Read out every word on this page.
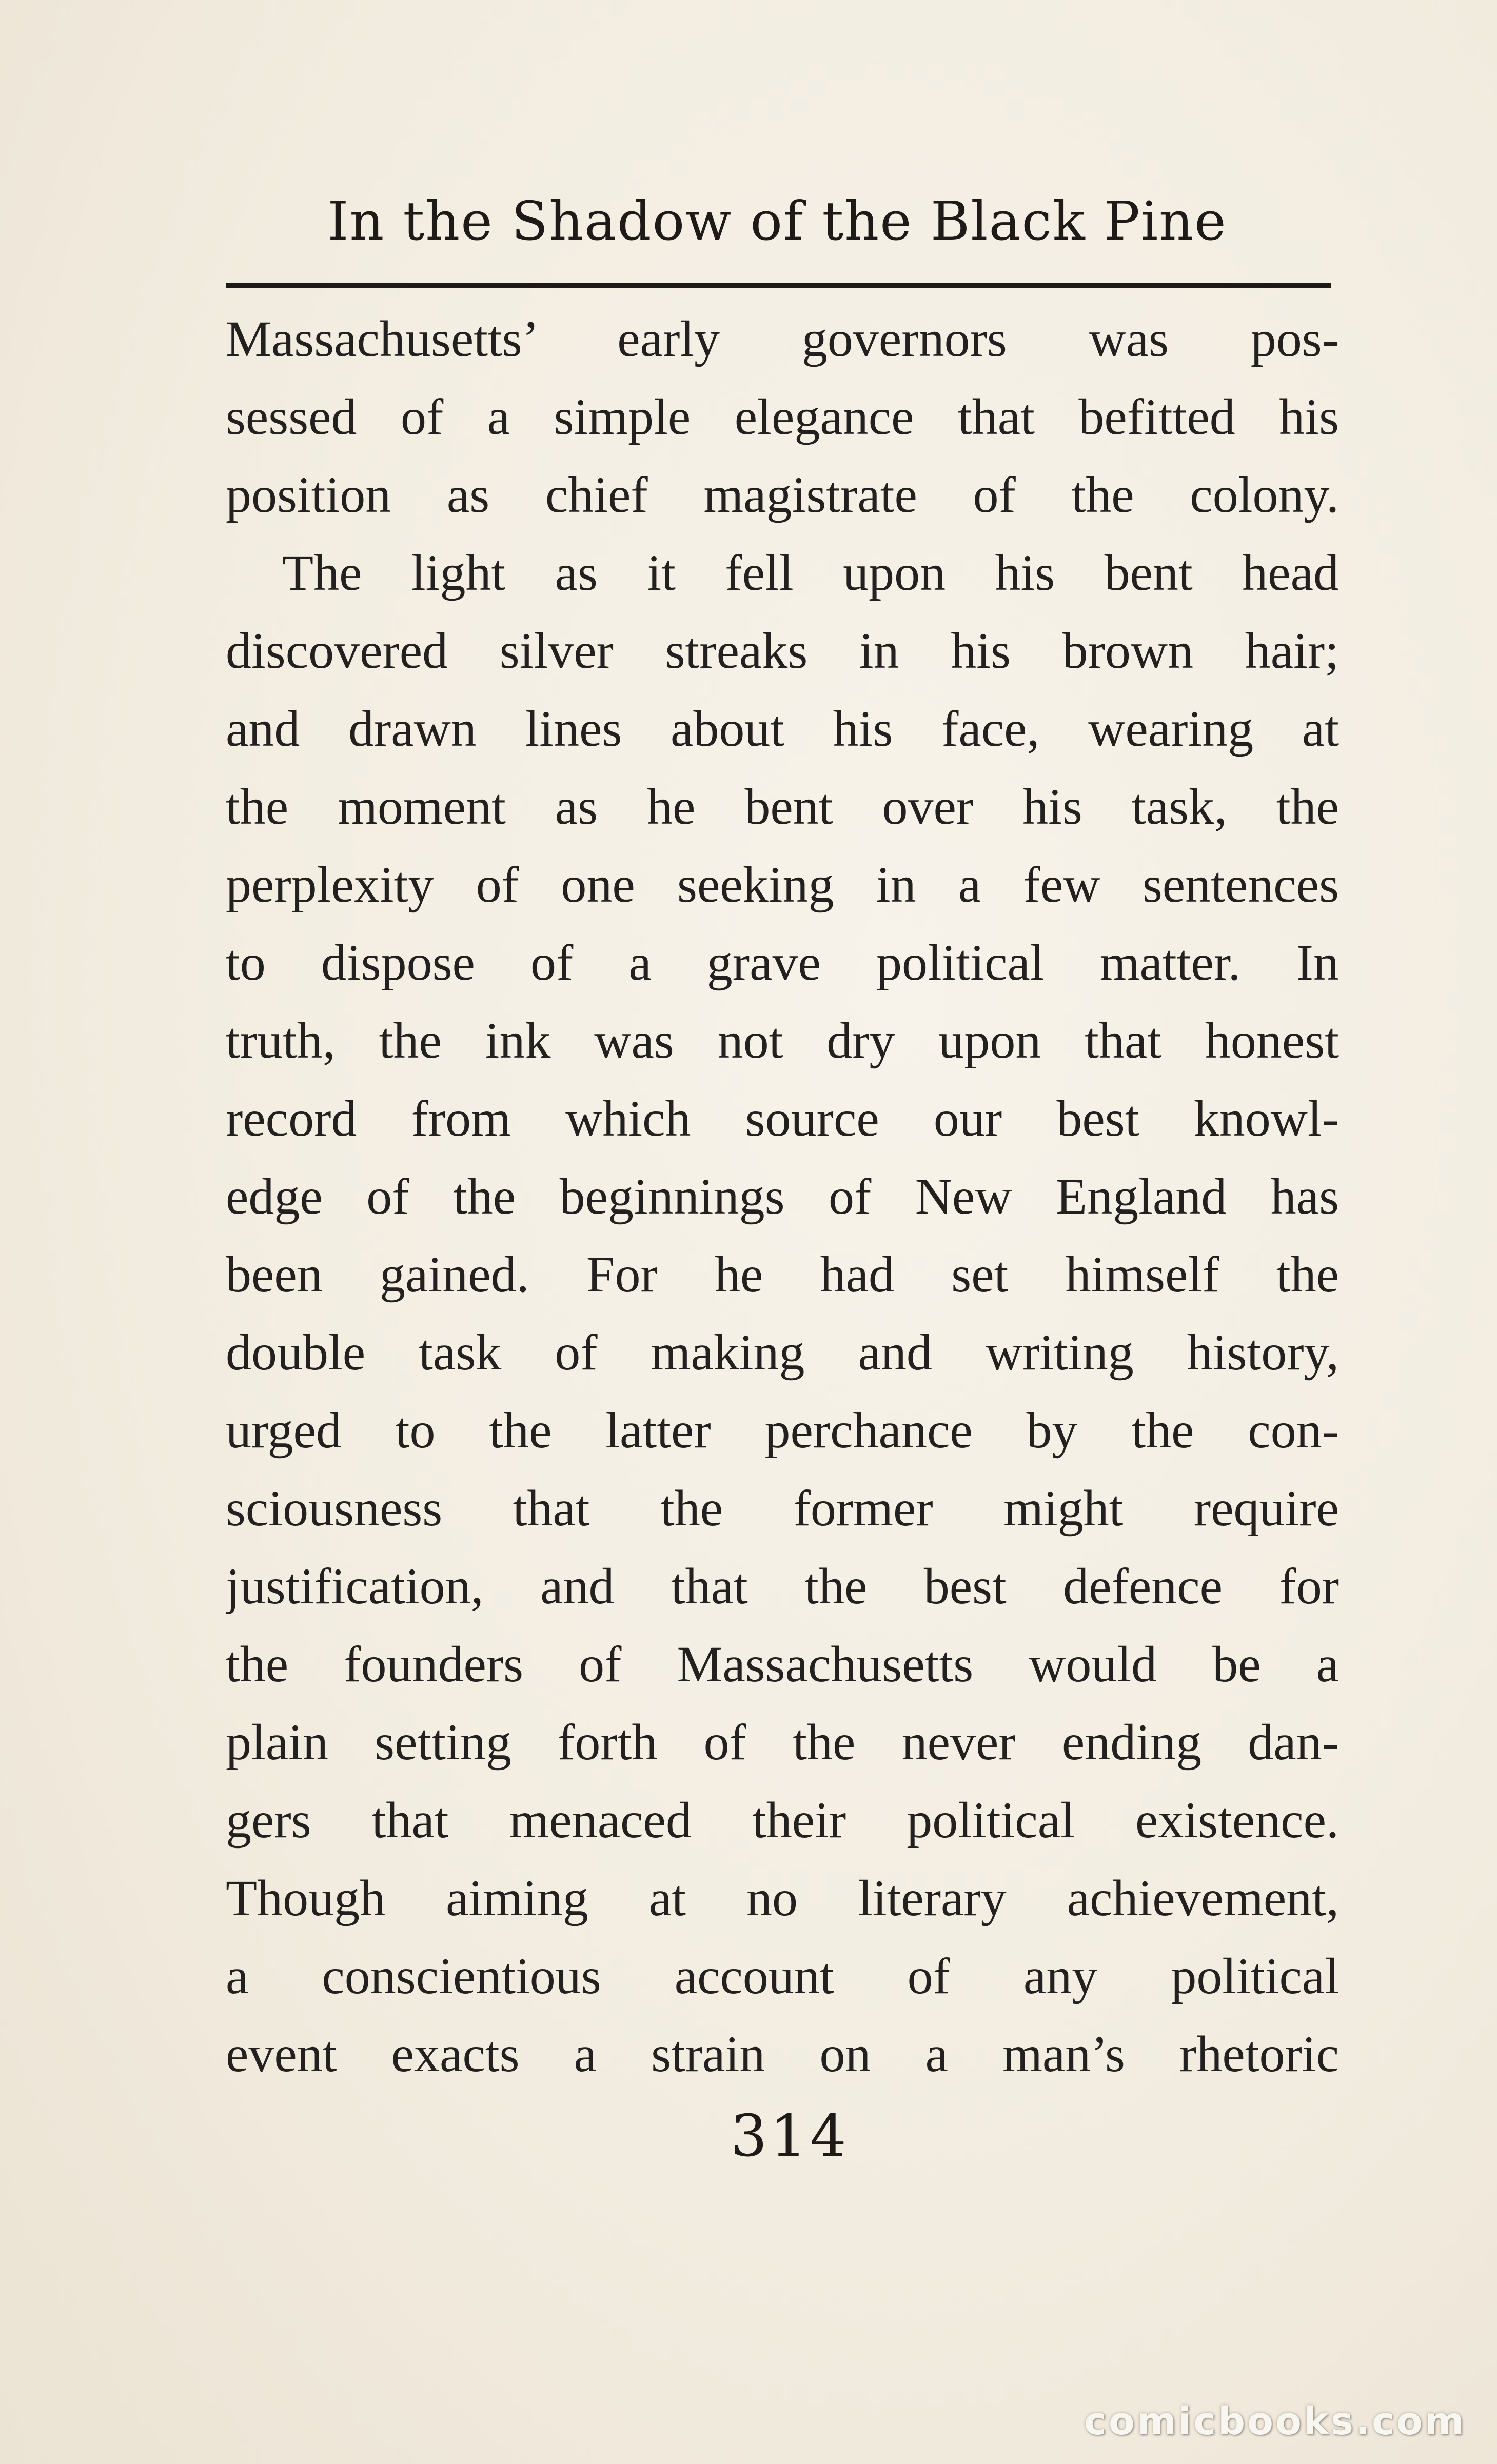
In the Shadow of the Black Pine
Massachusetts’ early governors was pos-
sessed of a simple elegance that befitted his
position as chief magistrate of the colony.
The light as it fell upon his bent head
discovered silver streaks in his brown hair;
and drawn lines about his face, wearing at
the moment as he bent over his task, the
perplexity of one seeking in a few sentences
to dispose of a grave political matter. In
truth, the ink was not dry upon that honest
record from which source our best knowl-
edge of the beginnings of New England has
been gained. For he had set himself the
double task of making and writing history,
urged to the latter perchance by the con-
sciousness that the former might require
justification, and that the best defence for
the founders of Massachusetts would be a
plain setting forth of the never ending dan-
gers that menaced their political existence.
Though aiming at no literary achievement,
a conscientious account of any political
event exacts a strain on a man’s rhetoric
314
comicbooks.com
